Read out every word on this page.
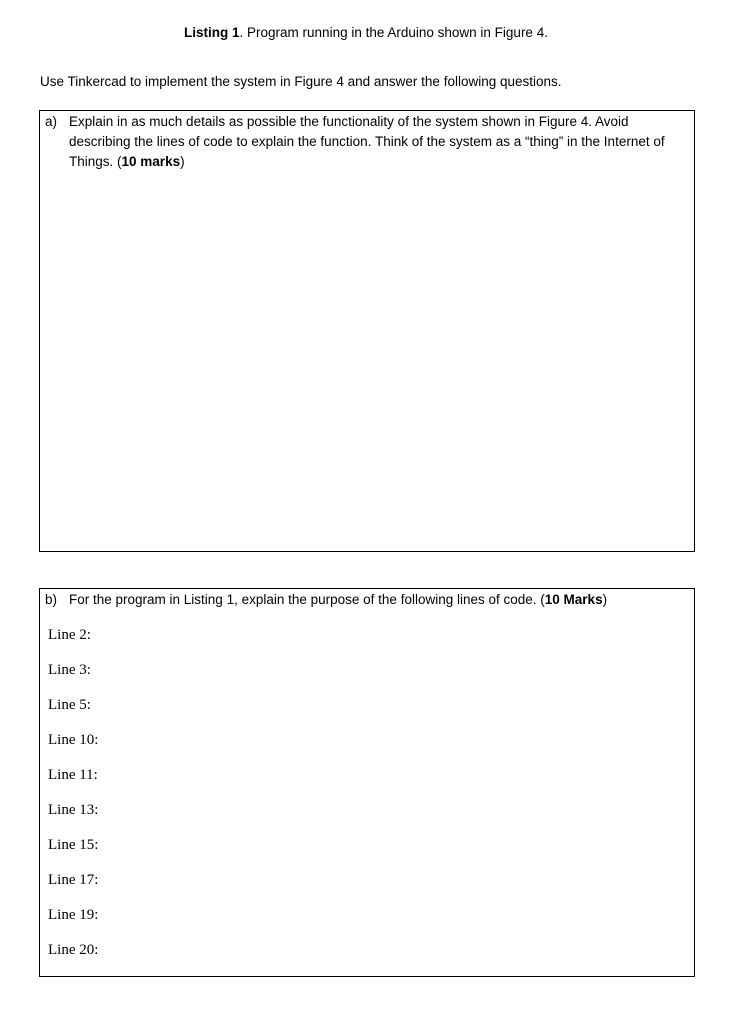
Listing 1. Program running in the Arduino shown in Figure 4.
Use Tinkercad to implement the system in Figure 4 and answer the following questions.
a) Explain in as much details as possible the functionality of the system shown in Figure 4. Avoid describing the lines of code to explain the function. Think of the system as a “thing” in the Internet of Things. (10 marks)
b) For the program in Listing 1, explain the purpose of the following lines of code. (10 Marks)
Line 2:
Line 3:
Line 5:
Line 10:
Line 11:
Line 13:
Line 15:
Line 17:
Line 19:
Line 20:
